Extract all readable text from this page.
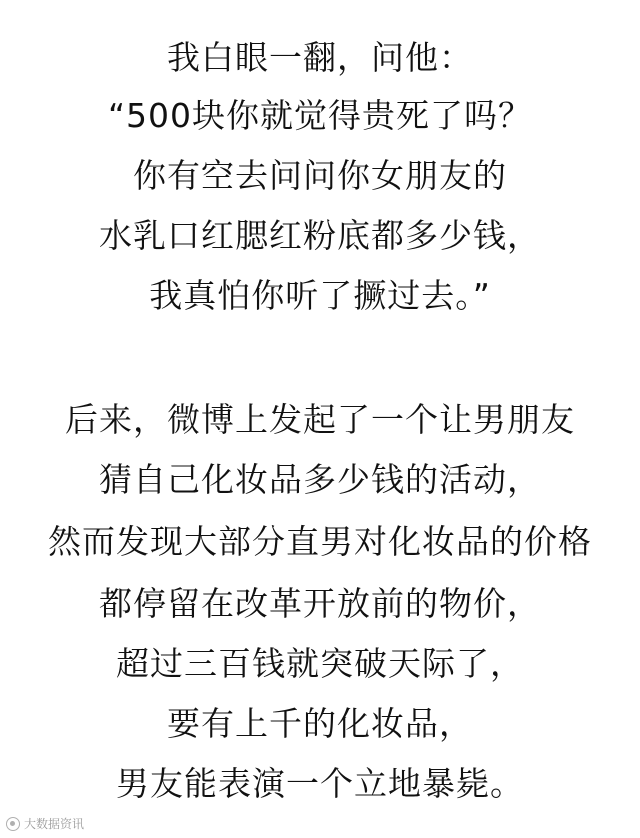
我白眼一翻，问他：
“500块你就觉得贵死了吗？
你有空去问问你女朋友的
水乳口红腮红粉底都多少钱，
我真怕你听了撅过去。”
后来，微博上发起了一个让男朋友
猜自己化妆品多少钱的活动，
然而发现大部分直男对化妆品的价格
都停留在改革开放前的物价，
超过三百钱就突破天际了，
要有上千的化妆品，
男友能表演一个立地暴毙。
大数据资讯
